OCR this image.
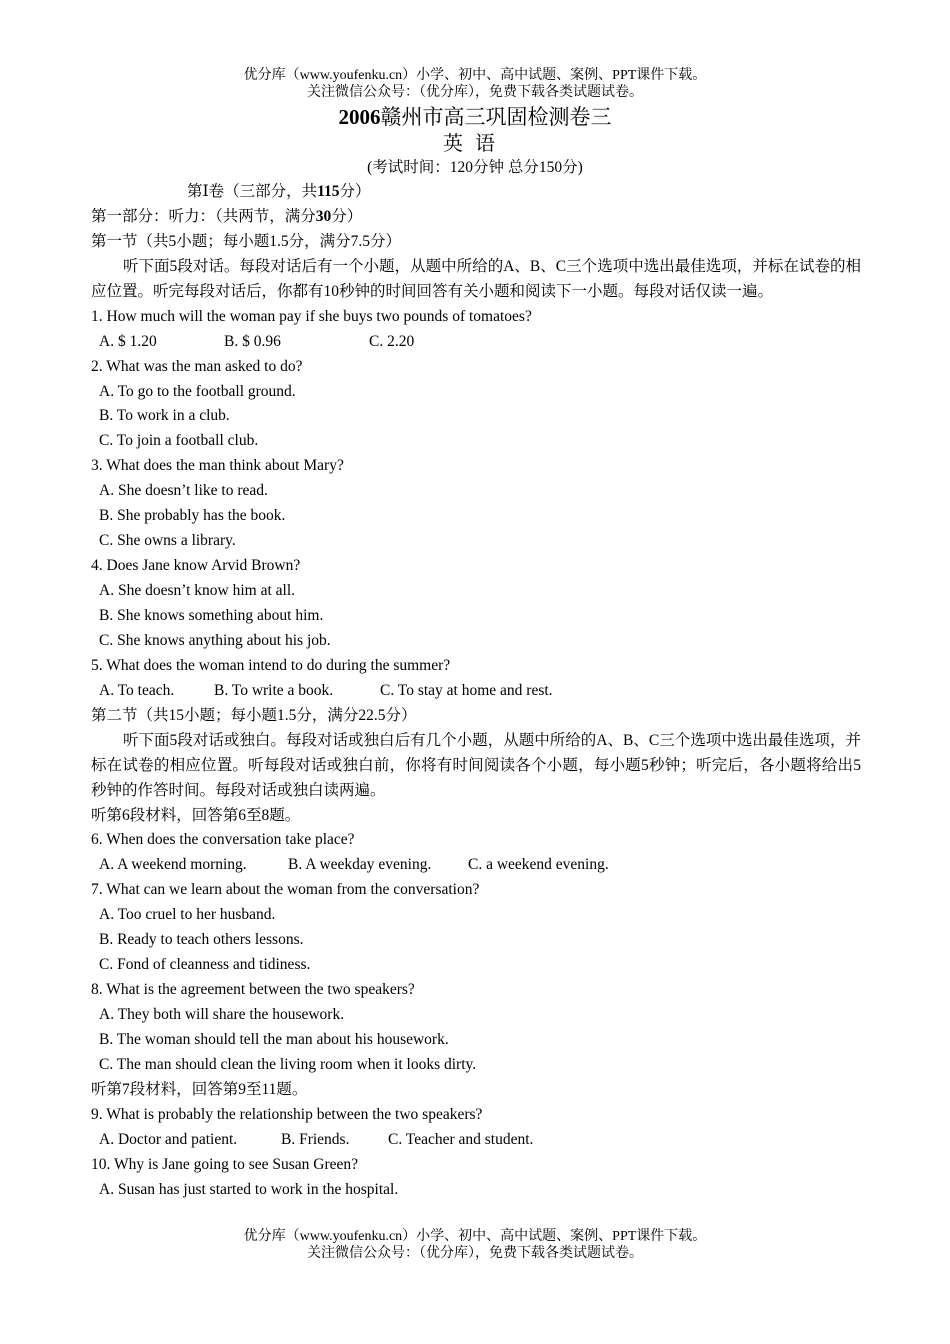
优分库（www.youfenku.cn）小学、初中、高中试题、案例、PPT课件下载。
关注微信公众号：（优分库），免费下载各类试题试卷。
2006赣州市高三巩固检测卷三
英语
(考试时间：120分钟 总分150分)
第Ⅰ卷（三部分，共115分）
第一部分：听力：（共两节，满分30分）
第一节（共5小题；每小题1.5分，满分7.5分）
听下面5段对话。每段对话后有一个小题，从题中所给的A、B、C三个选项中选出最佳选项，并标在试卷的相应位置。听完每段对话后，你都有10秒钟的时间回答有关小题和阅读下一小题。每段对话仅读一遍。
1. How much will the woman pay if she buys two pounds of tomatoes?
A. $ 1.20	B. $ 0.96	C. 2.20
2. What was the man asked to do?
A. To go to the football ground.
B. To work in a club.
C. To join a football club.
3. What does the man think about Mary?
A. She doesn’t like to read.
B. She probably has the book.
C. She owns a library.
4. Does Jane know Arvid Brown?
A. She doesn’t know him at all.
B. She knows something about him.
C. She knows anything about his job.
5. What does the woman intend to do during the summer?
A. To teach.	B. To write a book.	C. To stay at home and rest.
第二节（共15小题；每小题1.5分，满分22.5分）
听下面5段对话或独白。每段对话或独白后有几个小题，从题中所给的A、B、C三个选项中选出最佳选项，并标在试卷的相应位置。听每段对话或独白前，你将有时间阅读各个小题，每小题5秒钟；听完后，各小题将给出5秒钟的作答时间。每段对话或独白读两遍。
听第6段材料，回答第6至8题。
6. When does the conversation take place?
A. A weekend morning.	B. A weekday evening. C. a weekend evening.
7. What can we learn about the woman from the conversation?
A. Too cruel to her husband.
B. Ready to teach others lessons.
C. Fond of cleanness and tidiness.
8. What is the agreement between the two speakers?
A. They both will share the housework.
B. The woman should tell the man about his housework.
C. The man should clean the living room when it looks dirty.
听第7段材料，回答第9至11题。
9. What is probably the relationship between the two speakers?
A. Doctor and patient.	B. Friends. C. Teacher and student.
10. Why is Jane going to see Susan Green?
A. Susan has just started to work in the hospital.
优分库（www.youfenku.cn）小学、初中、高中试题、案例、PPT课件下载。
关注微信公众号：（优分库），免费下载各类试题试卷。
